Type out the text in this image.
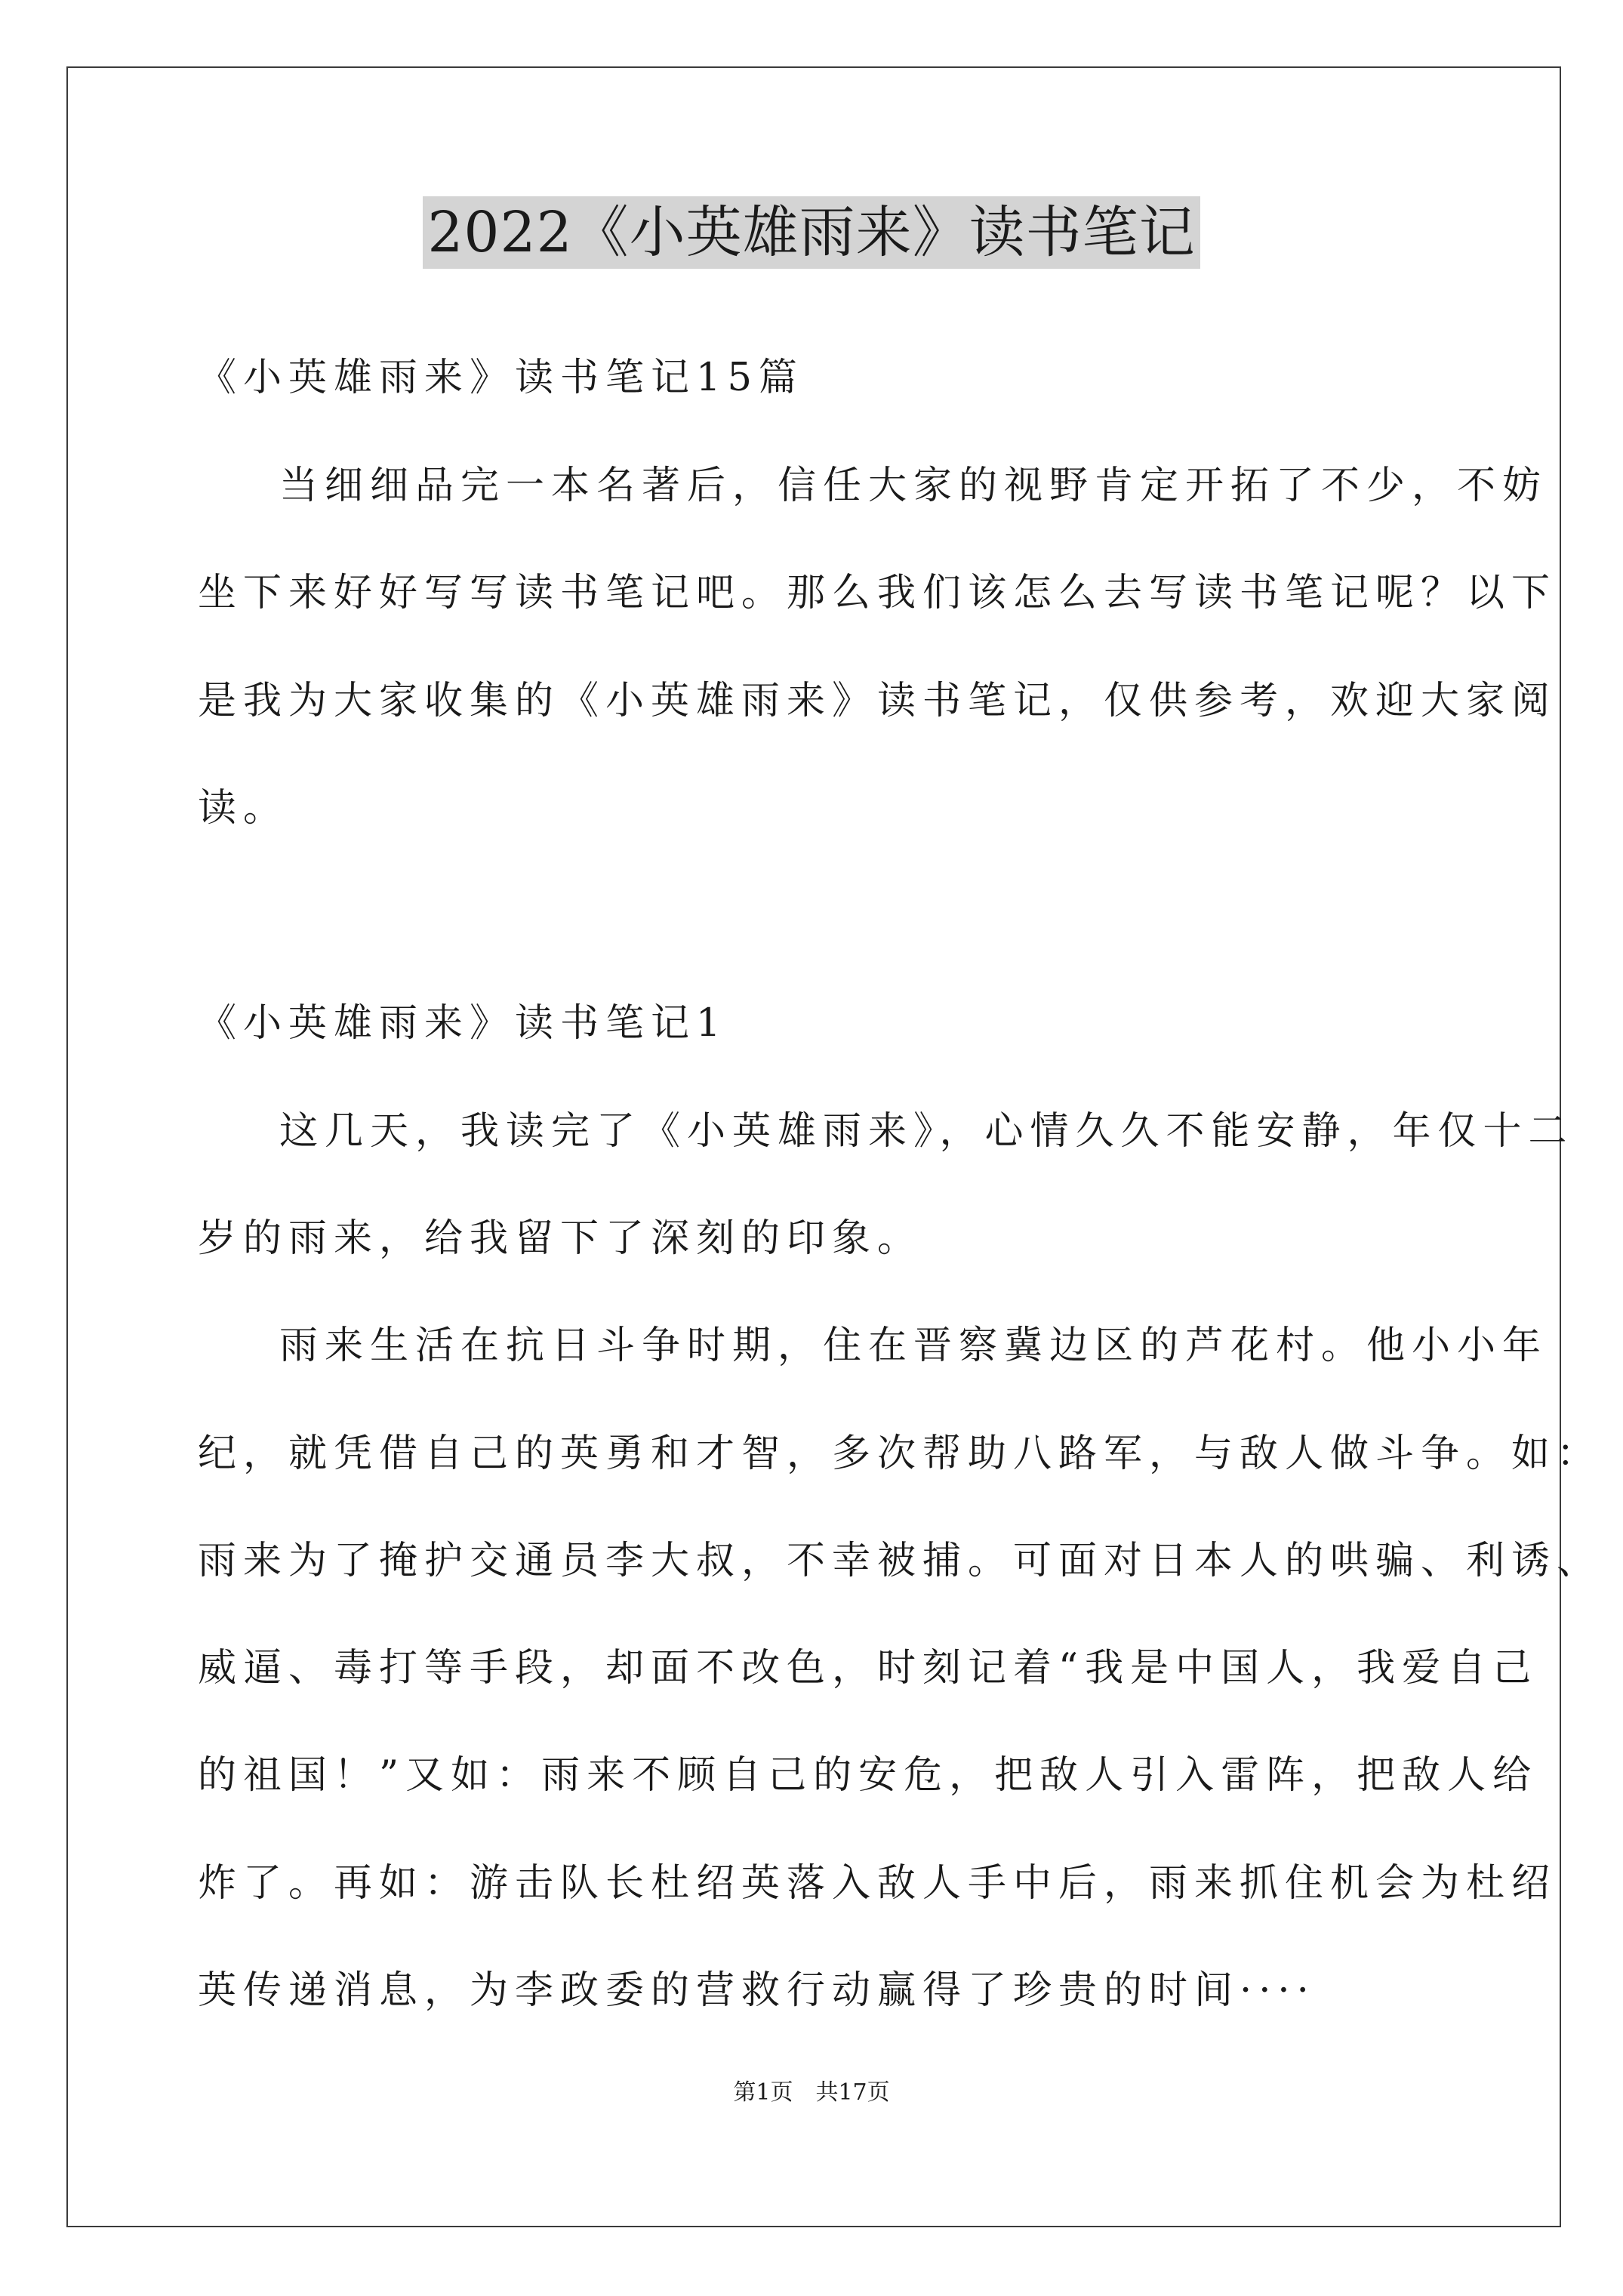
2022《小英雄雨来》读书笔记
《小英雄雨来》读书笔记15篇
当细细品完一本名著后，信任大家的视野肯定开拓了不少，不妨
坐下来好好写写读书笔记吧。那么我们该怎么去写读书笔记呢？以下
是我为大家收集的《小英雄雨来》读书笔记，仅供参考，欢迎大家阅
读。
《小英雄雨来》读书笔记1
这几天，我读完了《小英雄雨来》，心情久久不能安静，年仅十二
岁的雨来，给我留下了深刻的印象。
雨来生活在抗日斗争时期，住在晋察冀边区的芦花村。他小小年
纪，就凭借自己的英勇和才智，多次帮助八路军，与敌人做斗争。如：
雨来为了掩护交通员李大叔，不幸被捕。可面对日本人的哄骗、利诱、
威逼、毒打等手段，却面不改色，时刻记着“我是中国人，我爱自己
的祖国！”又如：雨来不顾自己的安危，把敌人引入雷阵，把敌人给
炸了。再如：游击队长杜绍英落入敌人手中后，雨来抓住机会为杜绍
英传递消息，为李政委的营救行动赢得了珍贵的时间····
第1页　共17页
